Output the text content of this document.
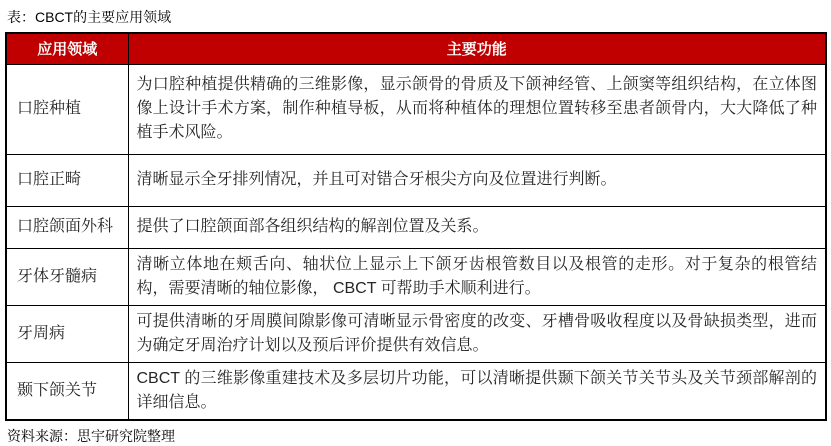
表：CBCT的主要应用领域
应用领域	主要功能
口腔种植	为口腔种植提供精确的三维影像，显示颌骨的骨质及下颌神经管、上颌窦等组织结构，在立体图像上设计手术方案，制作种植导板，从而将种植体的理想位置转移至患者颌骨内，大大降低了种植手术风险。
口腔正畸	清晰显示全牙排列情况，并且可对错合牙根尖方向及位置进行判断。
口腔颌面外科	提供了口腔颌面部各组织结构的解剖位置及关系。
牙体牙髓病	清晰立体地在颊舌向、轴状位上显示上下颌牙齿根管数目以及根管的走形。对于复杂的根管结构，需要清晰的轴位影像， CBCT 可帮助手术顺利进行。
牙周病	可提供清晰的牙周膜间隙影像可清晰显示骨密度的改变、牙槽骨吸收程度以及骨缺损类型，进而为确定牙周治疗计划以及预后评价提供有效信息。
颞下颌关节	CBCT 的三维影像重建技术及多层切片功能，可以清晰提供颞下颌关节关节头及关节颈部解剖的详细信息。
资料来源：思宇研究院整理
